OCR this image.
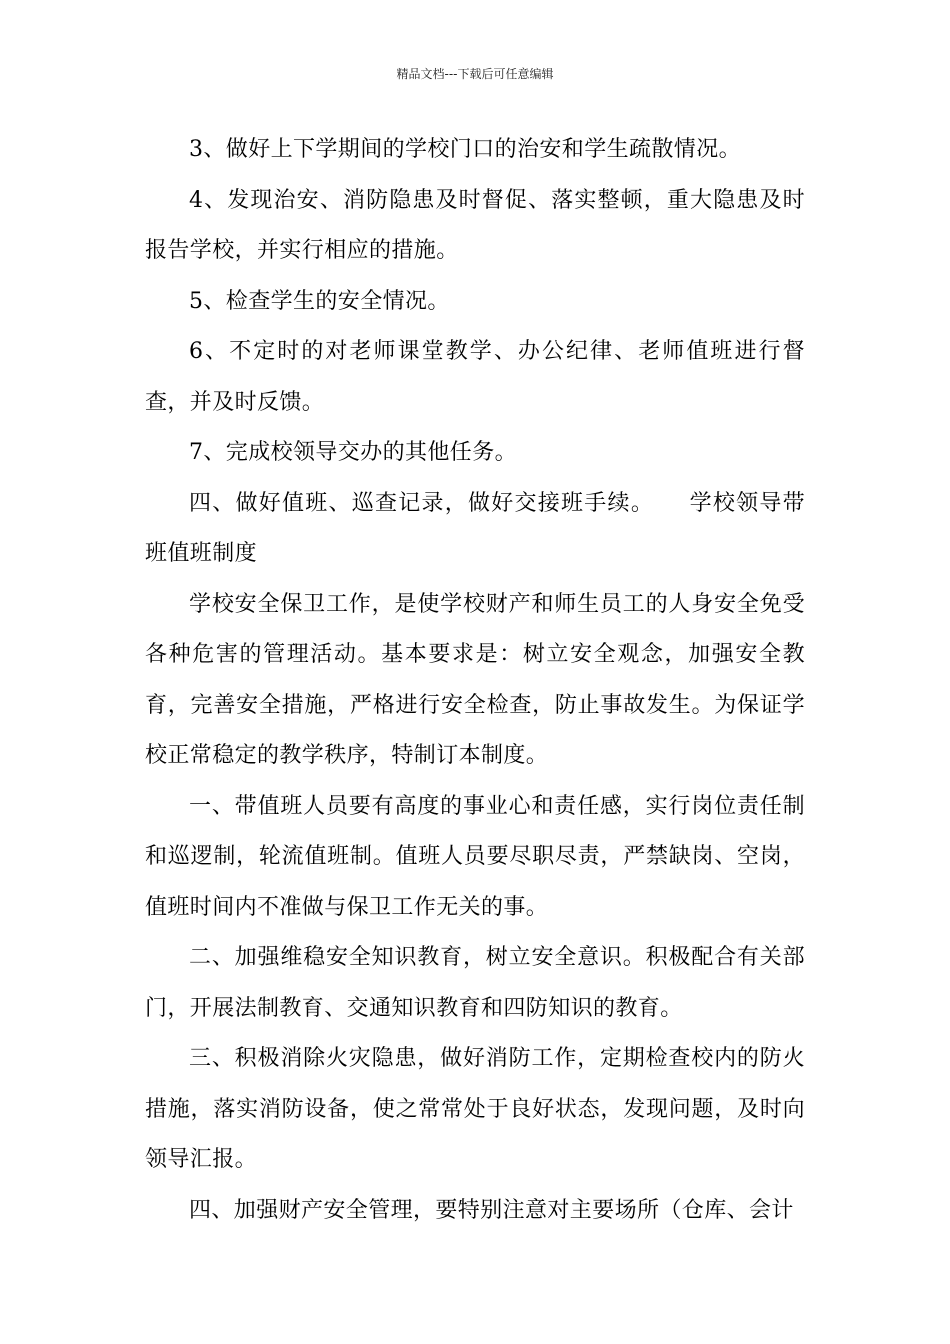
精品文档---下载后可任意编辑

3、做好上下学期间的学校门口的治安和学生疏散情况。

4、发现治安、消防隐患及时督促、落实整顿，重大隐患及时报告学校，并实行相应的措施。

5、检查学生的安全情况。

6、不定时的对老师课堂教学、办公纪律、老师值班进行督查，并及时反馈。

7、完成校领导交办的其他任务。

四、做好值班、巡查记录，做好交接班手续。　　学校领导带班值班制度

学校安全保卫工作，是使学校财产和师生员工的人身安全免受各种危害的管理活动。基本要求是：树立安全观念，加强安全教育，完善安全措施，严格进行安全检查，防止事故发生。为保证学校正常稳定的教学秩序，特制订本制度。

一、带值班人员要有高度的事业心和责任感，实行岗位责任制和巡逻制，轮流值班制。值班人员要尽职尽责，严禁缺岗、空岗，值班时间内不准做与保卫工作无关的事。

二、加强维稳安全知识教育，树立安全意识。积极配合有关部门，开展法制教育、交通知识教育和四防知识的教育。

三、积极消除火灾隐患，做好消防工作，定期检查校内的防火措施，落实消防设备，使之常常处于良好状态，发现问题，及时向领导汇报。

四、加强财产安全管理，要特别注意对主要场所（仓库、会计
